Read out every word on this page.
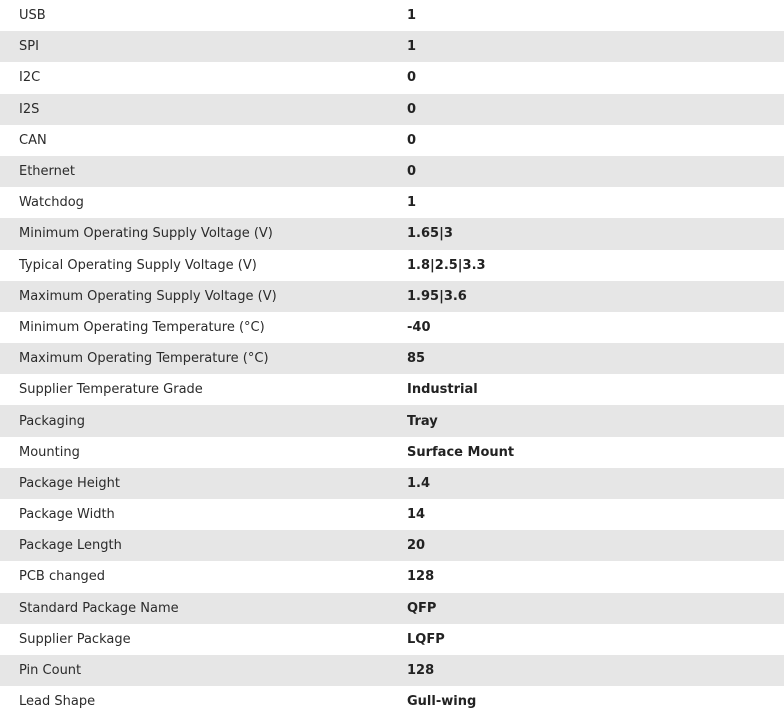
USB	1
SPI	1
I2C	0
I2S	0
CAN	0
Ethernet	0
Watchdog	1
Minimum Operating Supply Voltage (V)	1.65|3
Typical Operating Supply Voltage (V)	1.8|2.5|3.3
Maximum Operating Supply Voltage (V)	1.95|3.6
Minimum Operating Temperature (°C)	-40
Maximum Operating Temperature (°C)	85
Supplier Temperature Grade	Industrial
Packaging	Tray
Mounting	Surface Mount
Package Height	1.4
Package Width	14
Package Length	20
PCB changed	128
Standard Package Name	QFP
Supplier Package	LQFP
Pin Count	128
Lead Shape	Gull-wing
